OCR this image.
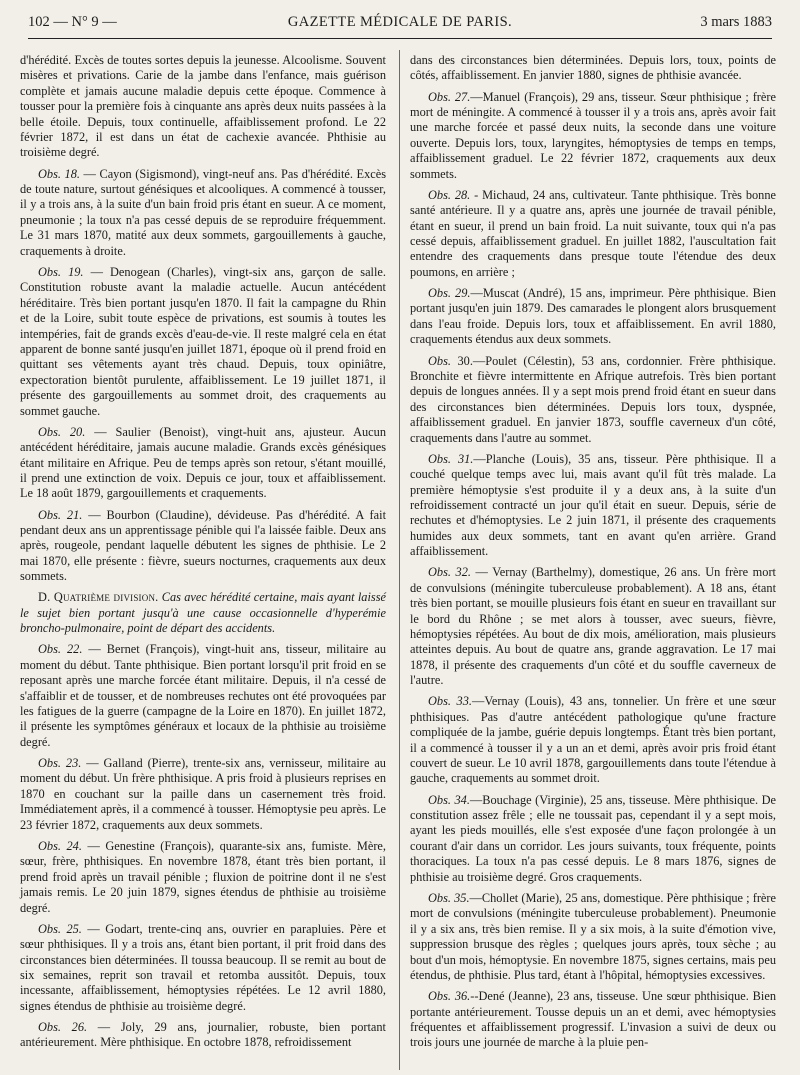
102 — N° 9 —	GAZETTE MÉDICALE DE PARIS.	3 mars 1883

d'hérédité. Excès de toutes sortes depuis la jeunesse. Alcoolisme. Souvent misères et privations. Carie de la jambe dans l'enfance, mais guérison complète et jamais aucune maladie depuis cette époque. Commence à tousser pour la première fois à cinquante ans après deux nuits passées à la belle étoile. Depuis, toux continuelle, affaiblissement profond. Le 22 février 1872, il est dans un état de cachexie avancée. Phthisie au troisième degré.

Obs. 18. — Cayon (Sigismond), vingt-neuf ans. Pas d'hérédité. Excès de toute nature, surtout génésiques et alcooliques. A commencé à tousser, il y a trois ans, à la suite d'un bain froid pris étant en sueur. A ce moment, pneumonie ; la toux n'a pas cessé depuis de se reproduire fréquemment. Le 31 mars 1870, matité aux deux sommets, gargouillements à gauche, craquements à droite.

Obs. 19. — Denogean (Charles), vingt-six ans, garçon de salle. Constitution robuste avant la maladie actuelle. Aucun antécédent héréditaire. Très bien portant jusqu'en 1870. Il fait la campagne du Rhin et de la Loire, subit toute espèce de privations, est soumis à toutes les intempéries, fait de grands excès d'eau-de-vie. Il reste malgré cela en état apparent de bonne santé jusqu'en juillet 1871, époque où il prend froid en quittant ses vêtements ayant très chaud. Depuis, toux opiniâtre, expectoration bientôt purulente, affaiblissement. Le 19 juillet 1871, il présente des gargouillements au sommet droit, des craquements au sommet gauche.

Obs. 20. — Saulier (Benoist), vingt-huit ans, ajusteur. Aucun antécédent héréditaire, jamais aucune maladie. Grands excès génésiques étant militaire en Afrique. Peu de temps après son retour, s'étant mouillé, il prend une extinction de voix. Depuis ce jour, toux et affaiblissement. Le 18 août 1879, gargouillements et craquements.

Obs. 21. — Bourbon (Claudine), dévideuse. Pas d'hérédité. A fait pendant deux ans un apprentissage pénible qui l'a laissée faible. Deux ans après, rougeole, pendant laquelle débutent les signes de phthisie. Le 2 mai 1870, elle présente : fièvre, sueurs nocturnes, craquements aux deux sommets.

D. Quatrième division. Cas avec hérédité certaine, mais ayant laissé le sujet bien portant jusqu'à une cause occasionnelle d'hyperémie broncho-pulmonaire, point de départ des accidents.

Obs. 22. — Bernet (François), vingt-huit ans, tisseur, militaire au moment du début. Tante phthisique. Bien portant lorsqu'il prit froid en se reposant après une marche forcée étant militaire. Depuis, il n'a cessé de s'affaiblir et de tousser, et de nombreuses rechutes ont été provoquées par les fatigues de la guerre (campagne de la Loire en 1870). En juillet 1872, il présente les symptômes généraux et locaux de la phthisie au troisième degré.

Obs. 23. — Galland (Pierre), trente-six ans, vernisseur, militaire au moment du début. Un frère phthisique. A pris froid à plusieurs reprises en 1870 en couchant sur la paille dans un casernement très froid. Immédiatement après, il a commencé à tousser. Hémoptysie peu après. Le 23 février 1872, craquements aux deux sommets.

Obs. 24. — Genestine (François), quarante-six ans, fumiste. Mère, sœur, frère, phthisiques. En novembre 1878, étant très bien portant, il prend froid après un travail pénible ; fluxion de poitrine dont il ne s'est jamais remis. Le 20 juin 1879, signes étendus de phthisie au troisième degré.

Obs. 25. — Godart, trente-cinq ans, ouvrier en parapluies. Père et sœur phthisiques. Il y a trois ans, étant bien portant, il prit froid dans des circonstances bien déterminées. Il toussa beaucoup. Il se remit au bout de six semaines, reprit son travail et retomba aussitôt. Depuis, toux incessante, affaiblissement, hémoptysies répétées. Le 12 avril 1880, signes étendus de phthisie au troisième degré.

Obs. 26. — Joly, 29 ans, journalier, robuste, bien portant antérieurement. Mère phthisique. En octobre 1878, refroidissement

dans des circonstances bien déterminées. Depuis lors, toux, points de côtés, affaiblissement. En janvier 1880, signes de phthisie avancée.

Obs. 27.—Manuel (François), 29 ans, tisseur. Sœur phthisique ; frère mort de méningite. A commencé à tousser il y a trois ans, après avoir fait une marche forcée et passé deux nuits, la seconde dans une voiture ouverte. Depuis lors, toux, laryngites, hémoptysies de temps en temps, affaiblissement graduel. Le 22 février 1872, craquements aux deux sommets.

Obs. 28. - Michaud, 24 ans, cultivateur. Tante phthisique. Très bonne santé antérieure. Il y a quatre ans, après une journée de travail pénible, étant en sueur, il prend un bain froid. La nuit suivante, toux qui n'a pas cessé depuis, affaiblissement graduel. En juillet 1882, l'auscultation fait entendre des craquements dans presque toute l'étendue des deux poumons, en arrière ;

Obs. 29.—Muscat (André), 15 ans, imprimeur. Père phthisique. Bien portant jusqu'en juin 1879. Des camarades le plongent alors brusquement dans l'eau froide. Depuis lors, toux et affaiblissement. En avril 1880, craquements étendus aux deux sommets.

Obs. 30.—Poulet (Célestin), 53 ans, cordonnier. Frère phthisique. Bronchite et fièvre intermittente en Afrique autrefois. Très bien portant depuis de longues années. Il y a sept mois prend froid étant en sueur dans des circonstances bien déterminées. Depuis lors toux, dyspnée, affaiblissement graduel. En janvier 1873, souffle caverneux d'un côté, craquements dans l'autre au sommet.

Obs. 31.—Planche (Louis), 35 ans, tisseur. Père phthisique. Il a couché quelque temps avec lui, mais avant qu'il fût très malade. La première hémoptysie s'est produite il y a deux ans, à la suite d'un refroidissement contracté un jour qu'il était en sueur. Depuis, série de rechutes et d'hémoptysies. Le 2 juin 1871, il présente des craquements humides aux deux sommets, tant en avant qu'en arrière. Grand affaiblissement.

Obs. 32. — Vernay (Barthelmy), domestique, 26 ans. Un frère mort de convulsions (méningite tuberculeuse probablement). A 18 ans, étant très bien portant, se mouille plusieurs fois étant en sueur en travaillant sur le bord du Rhône ; se met alors à tousser, avec sueurs, fièvre, hémoptysies répétées. Au bout de dix mois, amélioration, mais plusieurs atteintes depuis. Au bout de quatre ans, grande aggravation. Le 17 mai 1878, il présente des craquements d'un côté et du souffle caverneux de l'autre.

Obs. 33.—Vernay (Louis), 43 ans, tonnelier. Un frère et une sœur phthisiques. Pas d'autre antécédent pathologique qu'une fracture compliquée de la jambe, guérie depuis longtemps. Étant très bien portant, il a commencé à tousser il y a un an et demi, après avoir pris froid étant couvert de sueur. Le 10 avril 1878, gargouillements dans toute l'étendue à gauche, craquements au sommet droit.

Obs. 34.—Bouchage (Virginie), 25 ans, tisseuse. Mère phthisique. De constitution assez frêle ; elle ne toussait pas, cependant il y a sept mois, ayant les pieds mouillés, elle s'est exposée d'une façon prolongée à un courant d'air dans un corridor. Les jours suivants, toux fréquente, points thoraciques. La toux n'a pas cessé depuis. Le 8 mars 1876, signes de phthisie au troisième degré. Gros craquements.

Obs. 35.—Chollet (Marie), 25 ans, domestique. Père phthisique ; frère mort de convulsions (méningite tuberculeuse probablement). Pneumonie il y a six ans, très bien remise. Il y a six mois, à la suite d'émotion vive, suppression brusque des règles ; quelques jours après, toux sèche ; au bout d'un mois, hémoptysie. En novembre 1875, signes certains, mais peu étendus, de phthisie. Plus tard, étant à l'hôpital, hémoptysies excessives.

Obs. 36.--Dené (Jeanne), 23 ans, tisseuse. Une sœur phthisique. Bien portante antérieurement. Tousse depuis un an et demi, avec hémoptysies fréquentes et affaiblissement progressif. L'invasion a suivi de deux ou trois jours une journée de marche à la pluie pen-
